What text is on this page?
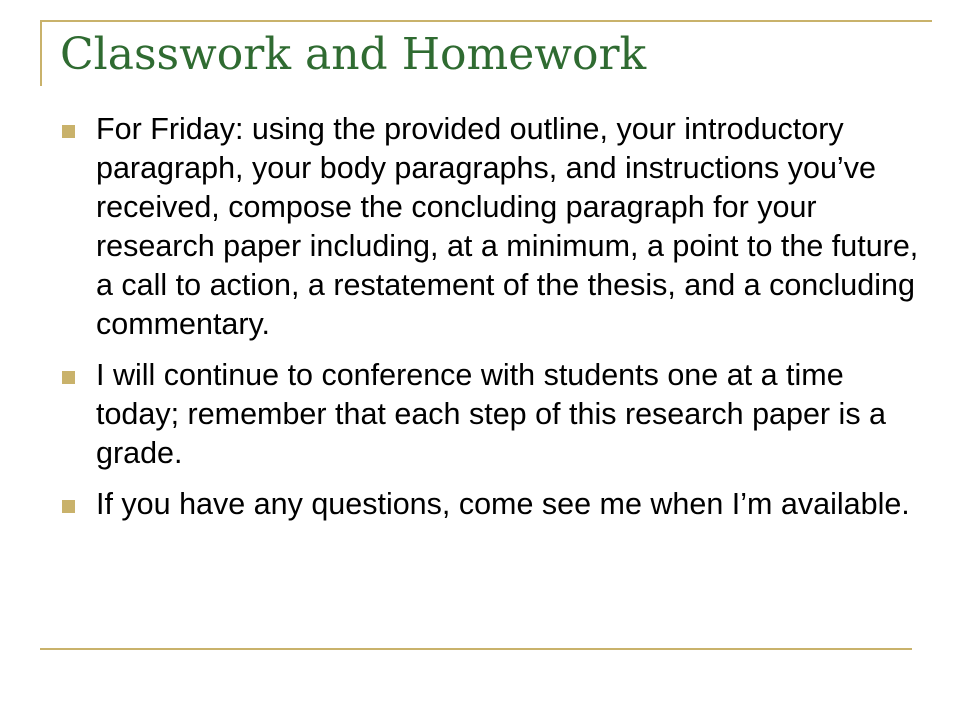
Classwork and Homework
For Friday: using the provided outline, your introductory paragraph, your body paragraphs, and instructions you’ve received, compose the concluding paragraph for your research paper including, at a minimum, a point to the future, a call to action, a restatement of the thesis, and a concluding commentary.
I will continue to conference with students one at a time today; remember that each step of this research paper is a grade.
If you have any questions, come see me when I’m available.
